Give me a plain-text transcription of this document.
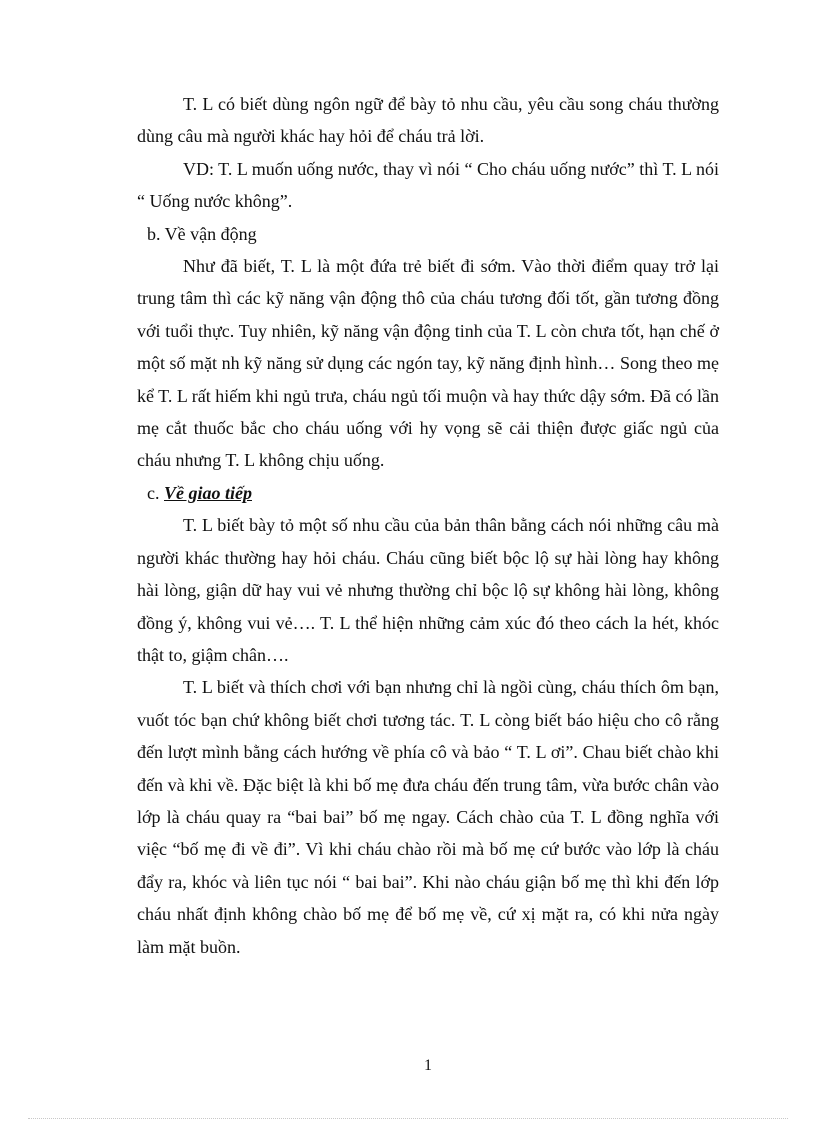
T. L có biết dùng ngôn ngữ để bày tỏ nhu cầu, yêu cầu song cháu thường dùng câu mà người khác hay hỏi để cháu trả lời.

VD: T. L muốn uống nước, thay vì nói “ Cho cháu uống nước” thì T. L nói “ Uống nước không”.

b. Về vận động

Như đã biết, T. L là một đứa trẻ biết đi sớm. Vào thời điểm quay trở lại trung tâm thì các kỹ năng vận động thô của cháu tương đối tốt, gần tương đồng với tuổi thực. Tuy nhiên, kỹ năng vận động tinh của T. L còn chưa tốt, hạn chế ở một số mặt nh kỹ năng sử dụng các ngón tay, kỹ năng định hình… Song theo mẹ kể T. L rất hiếm khi ngủ trưa, cháu ngủ tối muộn và hay thức dậy sớm. Đã có lần mẹ cắt thuốc bắc cho cháu uống với hy vọng sẽ cải thiện được giấc ngủ của cháu nhưng T. L không chịu uống.

c. Về giao tiếp

T. L biết bày tỏ một số nhu cầu của bản thân bằng cách nói những câu mà người khác thường hay hỏi cháu. Cháu cũng biết bộc lộ sự hài lòng hay không hài lòng, giận dữ hay vui vẻ nhưng thường chỉ bộc lộ sự không hài lòng, không đồng ý, không vui vẻ…. T. L thể hiện những cảm xúc đó theo cách la hét, khóc thật to, giậm chân….

T. L biết và thích chơi với bạn nhưng chỉ là ngồi cùng, cháu thích ôm bạn, vuốt tóc bạn chứ không biết chơi tương tác. T. L còng biết báo hiệu cho cô rằng đến lượt mình bằng cách hướng về phía cô và bảo “ T. L ơi”. Chau biết chào khi đến và khi về. Đặc biệt là khi bố mẹ đưa cháu đến trung tâm, vừa bước chân vào lớp là cháu quay ra “bai bai” bố mẹ ngay. Cách chào của T. L đồng nghĩa với việc “bố mẹ đi về đi”. Vì khi cháu chào rồi mà bố mẹ cứ bước vào lớp là cháu đẩy ra, khóc và liên tục nói “ bai bai”. Khi nào cháu giận bố mẹ thì khi đến lớp cháu nhất định không chào bố mẹ để bố mẹ về, cứ xị mặt ra, có khi nửa ngày làm mặt buồn.

1
